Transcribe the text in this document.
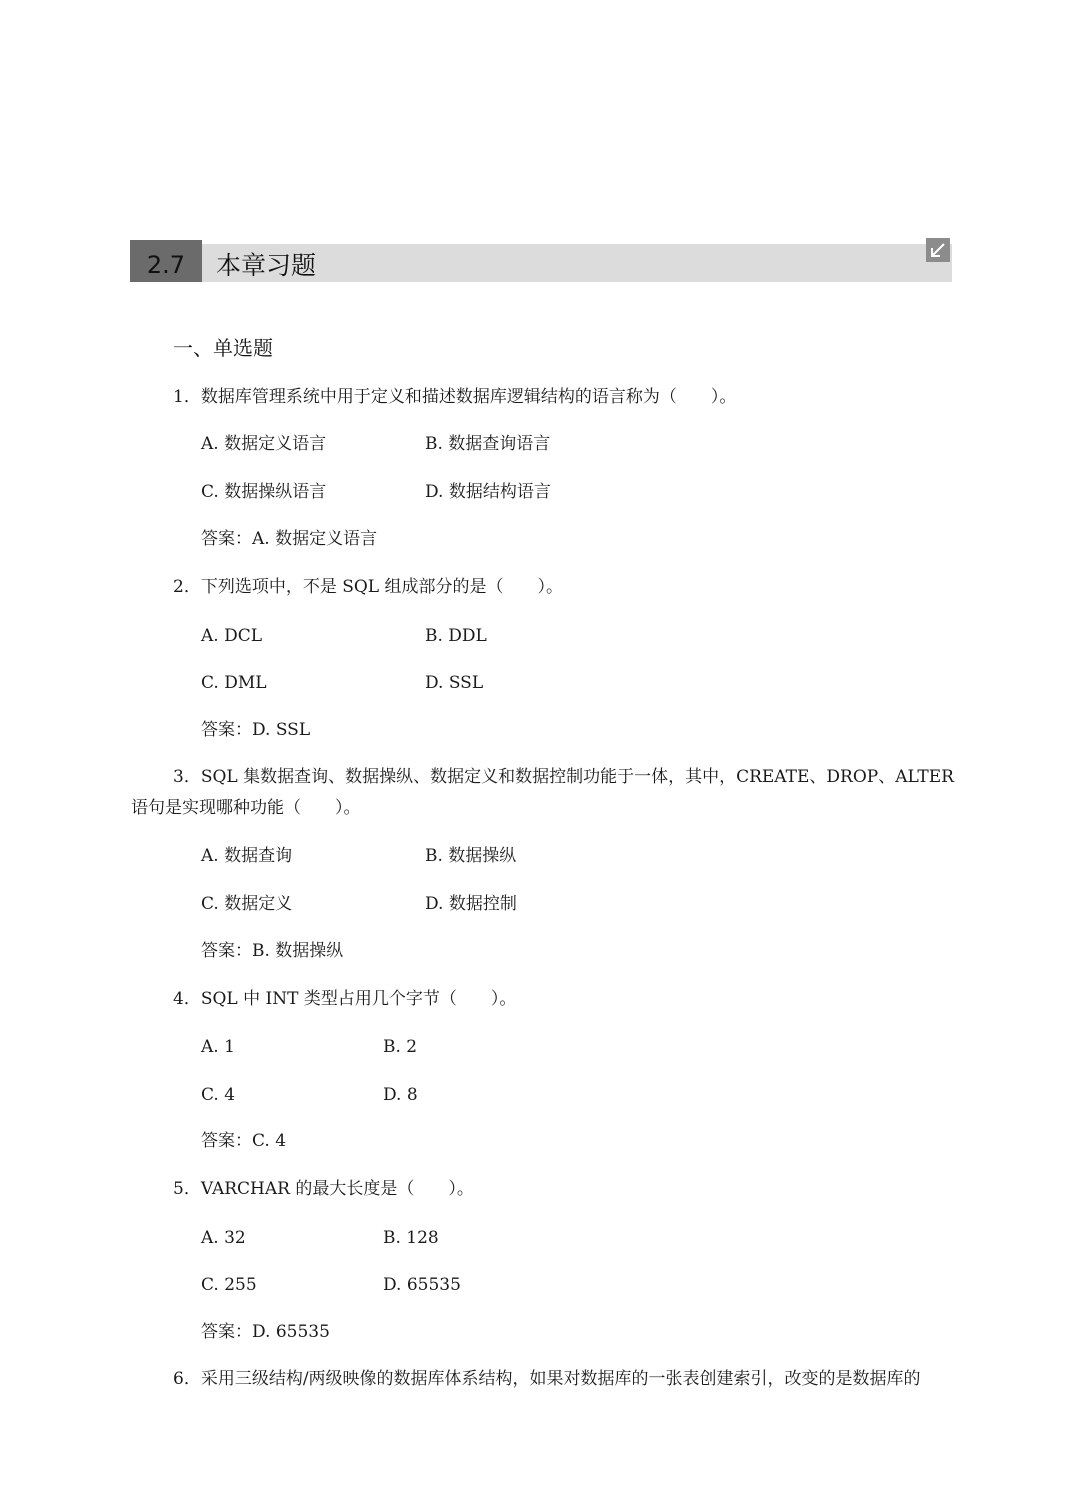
2.7	本章习题
一、单选题
1．数据库管理系统中用于定义和描述数据库逻辑结构的语言称为（　　）。
A. 数据定义语言	B. 数据查询语言
C. 数据操纵语言	D. 数据结构语言
答案：A. 数据定义语言
2．下列选项中，不是 SQL 组成部分的是（　　）。
A. DCL	B. DDL
C. DML	D. SSL
答案：D. SSL
3．SQL 集数据查询、数据操纵、数据定义和数据控制功能于一体，其中，CREATE、DROP、ALTER
语句是实现哪种功能（　　）。
A. 数据查询	B. 数据操纵
C. 数据定义	D. 数据控制
答案：B. 数据操纵
4．SQL 中 INT 类型占用几个字节（　　）。
A. 1	B. 2
C. 4	D. 8
答案：C. 4
5．VARCHAR 的最大长度是（　　）。
A. 32	B. 128
C. 255	D. 65535
答案：D. 65535
6．采用三级结构/两级映像的数据库体系结构，如果对数据库的一张表创建索引，改变的是数据库的
